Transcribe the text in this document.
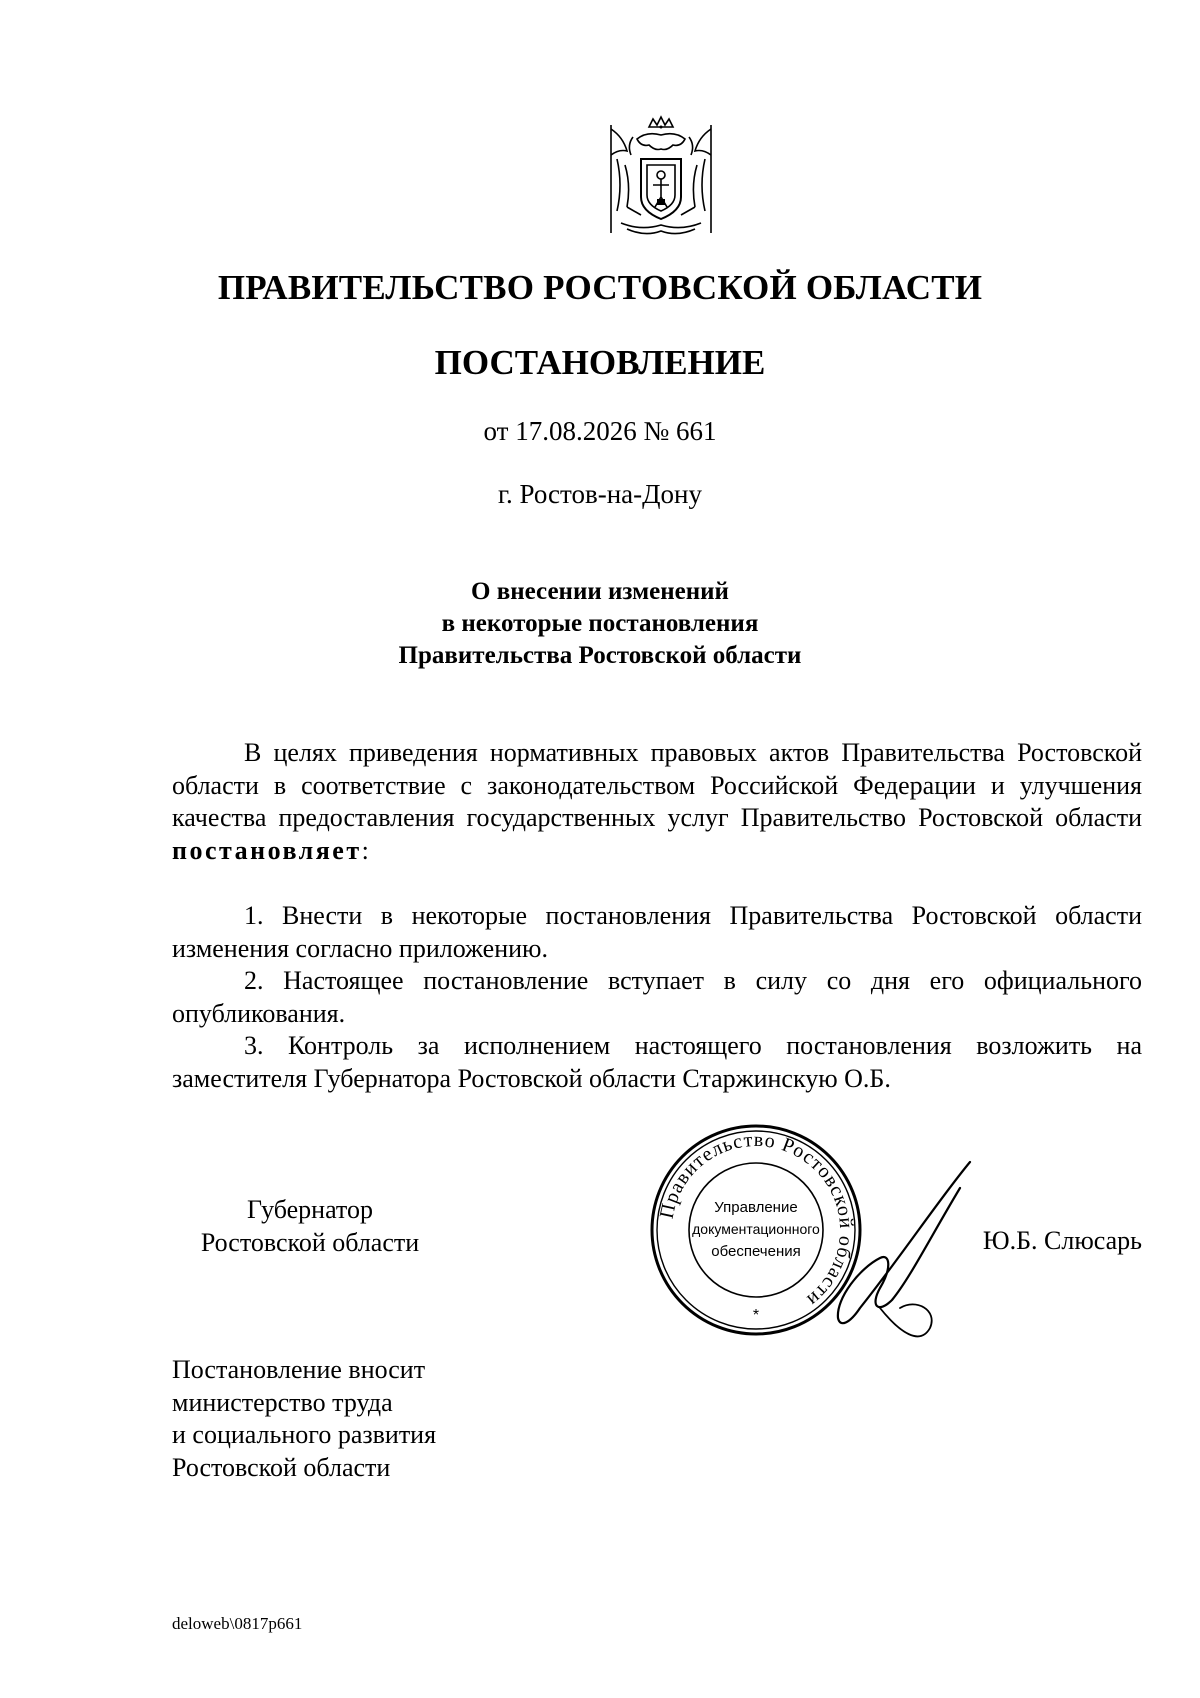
ПРАВИТЕЛЬСТВО РОСТОВСКОЙ ОБЛАСТИ
ПОСТАНОВЛЕНИЕ
от 17.08.2026 № 661
г. Ростов-на-Дону
О внесении изменений
в некоторые постановления
Правительства Ростовской области
В целях приведения нормативных правовых актов Правительства Ростовской области в соответствие с законодательством Российской Федерации и улучшения качества предоставления государственных услуг Правительство Ростовской области постановляет:

1. Внести в некоторые постановления Правительства Ростовской области изменения согласно приложению.

2. Настоящее постановление вступает в силу со дня его официального опубликования.

3. Контроль за исполнением настоящего постановления возложить на заместителя Губернатора Ростовской области Старжинскую О.Б.

Губернатор
Ростовской области
Правительство Ростовской области
Управление
документационного
обеспечения
*
Ю.Б. Слюсарь
Постановление вносит
министерство труда
и социального развития
Ростовской области
deloweb\0817p661
